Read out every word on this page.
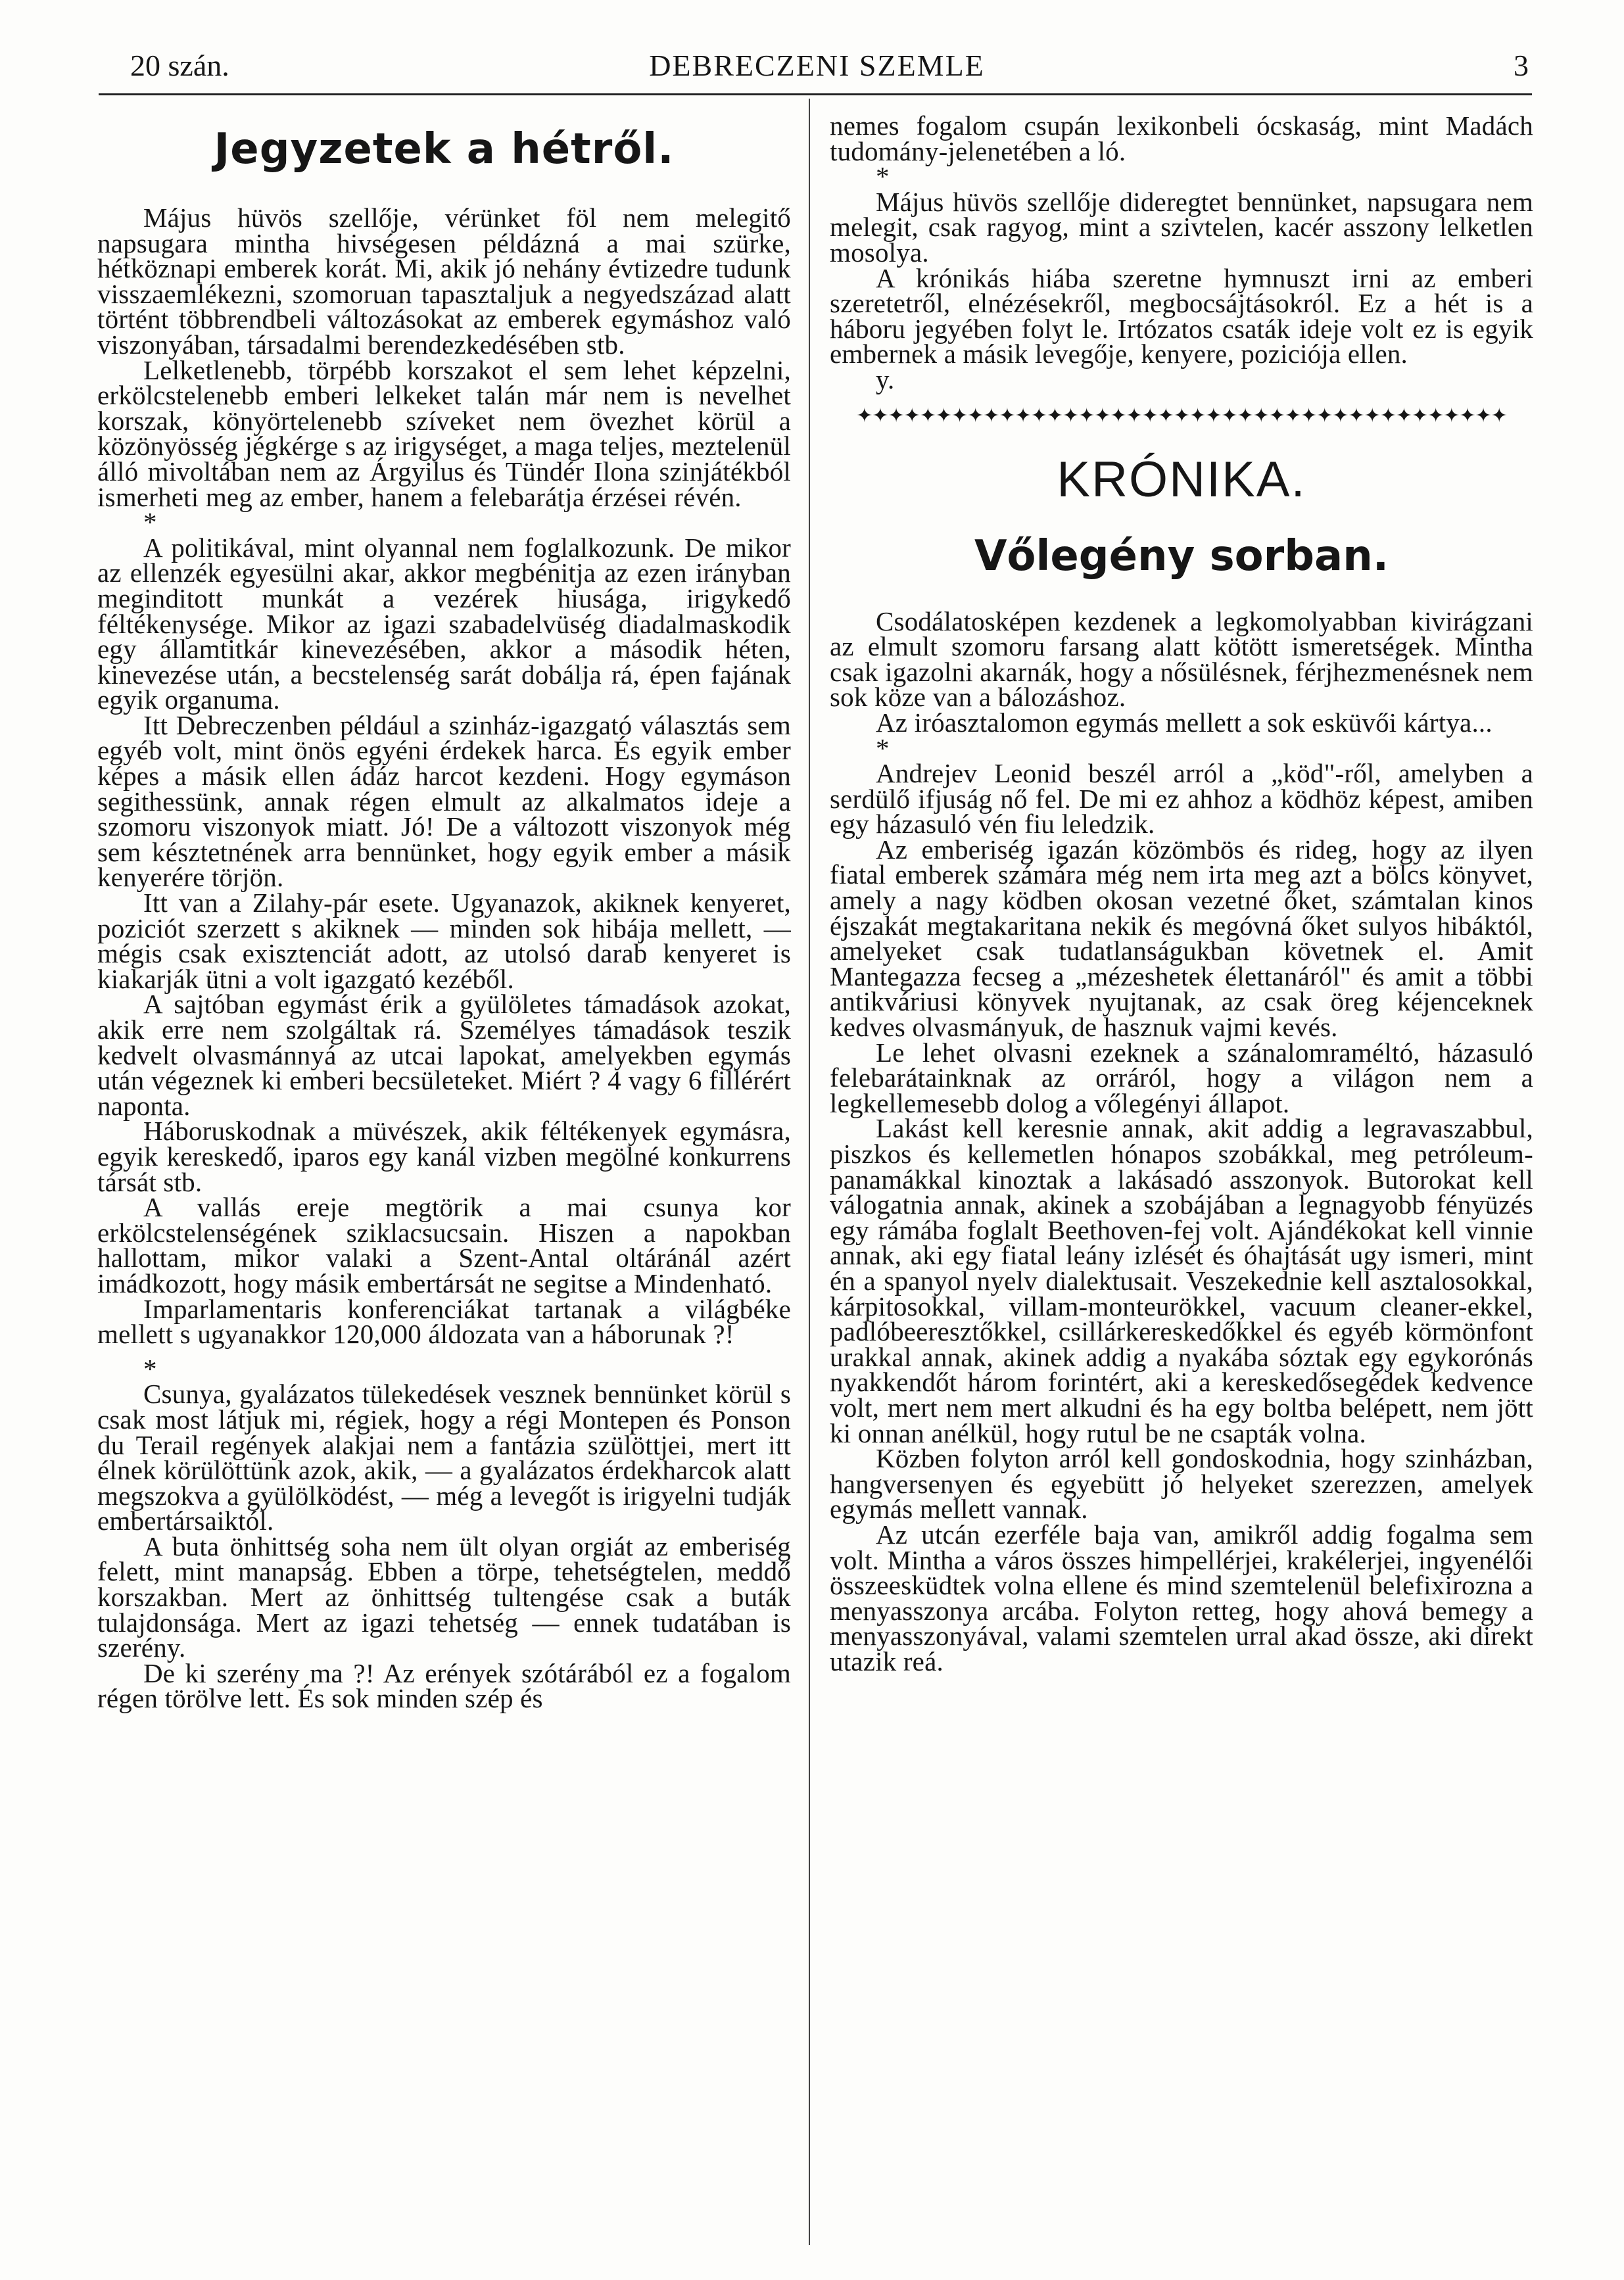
20 szán.	DEBRECZENI SZEMLE	3
Jegyzetek a hétről.

Május hüvös szellője, vérünket föl nem melegitő napsugara mintha hivségesen példázná a mai szürke, hétköznapi emberek korát. Mi, akik jó nehány évtizedre tudunk visszaemlékezni, szomoruan tapasztaljuk a negyedszázad alatt történt többrendbeli változásokat az emberek egymáshoz való viszonyában, társadalmi berendezkedésében stb.

Lelketlenebb, törpébb korszakot el sem lehet képzelni, erkölcstelenebb emberi lelkeket talán már nem is nevelhet korszak, könyörtelenebb szíveket nem övezhet körül a közönyösség jégkérge s az irigységet, a maga teljes, meztelenül álló mivoltában nem az Árgyilus és Tündér Ilona szinjátékból ismerheti meg az ember, hanem a felebarátja érzései révén.

*

A politikával, mint olyannal nem foglalkozunk. De mikor az ellenzék egyesülni akar, akkor megbénitja az ezen irányban meginditott munkát a vezérek hiusága, irigykedő féltékenysége. Mikor az igazi szabadelvüség diadalmaskodik egy államtitkár kinevezésében, akkor a második héten, kinevezése után, a becstelenség sarát dobálja rá, épen fajának egyik organuma.

Itt Debreczenben például a szinház-igazgató választás sem egyéb volt, mint önös egyéni érdekek harca. És egyik ember képes a másik ellen ádáz harcot kezdeni. Hogy egymáson segithessünk, annak régen elmult az alkalmatos ideje a szomoru viszonyok miatt. Jó! De a változott viszonyok még sem késztetnének arra bennünket, hogy egyik ember a másik kenyerére törjön.

Itt van a Zilahy-pár esete. Ugyanazok, akiknek kenyeret, poziciót szerzett s akiknek — minden sok hibája mellett, — mégis csak exisztenciát adott, az utolsó darab kenyeret is kiakarják ütni a volt igazgató kezéből.

A sajtóban egymást érik a gyülöletes támadások azokat, akik erre nem szolgáltak rá. Személyes támadások teszik kedvelt olvasmánnyá az utcai lapokat, amelyekben egymás után végeznek ki emberi becsületeket. Miért ? 4 vagy 6 fillérért naponta.

Háboruskodnak a müvészek, akik féltékenyek egymásra, egyik kereskedő, iparos egy kanál vizben megölné konkurrens társát stb.

A vallás ereje megtörik a mai csunya kor erkölcstelenségének sziklacsucsain. Hiszen a napokban hallottam, mikor valaki a Szent-Antal oltáránál azért imádkozott, hogy másik embertársát ne segitse a Mindenható.

Imparlamentaris konferenciákat tartanak a világbéke mellett s ugyanakkor 120,000 áldozata van a háborunak ?!

*

Csunya, gyalázatos tülekedések vesznek bennünket körül s csak most látjuk mi, régiek, hogy a régi Montepen és Ponson du Terail regények alakjai nem a fantázia szülöttjei, mert itt élnek körülöttünk azok, akik, — a gyalázatos érdekharcok alatt megszokva a gyülölködést, — még a levegőt is irigyelni tudják embertársaiktól.

A buta önhittség soha nem ült olyan orgiát az emberiség felett, mint manapság. Ebben a törpe, tehetségtelen, meddő korszakban. Mert az önhittség tultengése csak a buták tulajdonsága. Mert az igazi tehetség — ennek tudatában is szerény.

De ki szerény ma ?! Az erények szótárából ez a fogalom régen törölve lett. És sok minden szép és

nemes fogalom csupán lexikonbeli ócskaság, mint Madách tudomány-jelenetében a ló.

*

Május hüvös szellője dideregtet bennünket, napsugara nem melegit, csak ragyog, mint a szivtelen, kacér asszony lelketlen mosolya.

A krónikás hiába szeretne hymnuszt irni az emberi szeretetről, elnézésekről, megbocsájtásokról. Ez a hét is a háboru jegyében folyt le. Irtózatos csaták ideje volt ez is egyik embernek a másik levegője, kenyere, poziciója ellen.

y.

✦✦✦✦✦✦✦✦✦✦✦✦✦✦✦✦✦✦✦✦✦✦✦✦✦✦✦✦✦✦✦✦✦✦✦✦✦✦✦✦✦
KRÓNIKA.
Vőlegény sorban.

Csodálatosképen kezdenek a legkomolyabban kivirágzani az elmult szomoru farsang alatt kötött ismeretségek. Mintha csak igazolni akarnák, hogy a nősülésnek, férjhezmenésnek nem sok köze van a bálozáshoz.

Az iróasztalomon egymás mellett a sok esküvői kártya...

*

Andrejev Leonid beszél arról a „köd"-ről, amelyben a serdülő ifjuság nő fel. De mi ez ahhoz a ködhöz képest, amiben egy házasuló vén fiu leledzik.

Az emberiség igazán közömbös és rideg, hogy az ilyen fiatal emberek számára még nem irta meg azt a bölcs könyvet, amely a nagy ködben okosan vezetné őket, számtalan kinos éjszakát megtakaritana nekik és megóvná őket sulyos hibáktól, amelyeket csak tudatlanságukban követnek el. Amit Mantegazza fecseg a „mézeshetek élettanáról" és amit a többi antikváriusi könyvek nyujtanak, az csak öreg kéjenceknek kedves olvasmányuk, de hasznuk vajmi kevés.

Le lehet olvasni ezeknek a szánalomraméltó, házasuló felebarátainknak az orráról, hogy a világon nem a legkellemesebb dolog a vőlegényi állapot.

Lakást kell keresnie annak, akit addig a legravaszabbul, piszkos és kellemetlen hónapos szobákkal, meg petróleum-panamákkal kinoztak a lakásadó asszonyok. Butorokat kell válogatnia annak, akinek a szobájában a legnagyobb fényüzés egy rámába foglalt Beethoven-fej volt. Ajándékokat kell vinnie annak, aki egy fiatal leány izlését és óhajtását ugy ismeri, mint én a spanyol nyelv dialektusait. Veszekednie kell asztalosokkal, kárpitosokkal, villam-monteurökkel, vacuum cleaner-ekkel, padlóbeeresztőkkel, csillárkereskedőkkel és egyéb körmönfont urakkal annak, akinek addig a nyakába sóztak egy egykorónás nyakkendőt három forintért, aki a kereskedősegédek kedvence volt, mert nem mert alkudni és ha egy boltba belépett, nem jött ki onnan anélkül, hogy rutul be ne csapták volna.

Közben folyton arról kell gondoskodnia, hogy szinházban, hangversenyen és egyebütt jó helyeket szerezzen, amelyek egymás mellett vannak.

Az utcán ezerféle baja van, amikről addig fogalma sem volt. Mintha a város összes himpellérjei, krakélerjei, ingyenélői összeesküdtek volna ellene és mind szemtelenül belefixirozna a menyasszonya arcába. Folyton retteg, hogy ahová bemegy a menyasszonyával, valami szemtelen urral akad össze, aki direkt utazik reá.
